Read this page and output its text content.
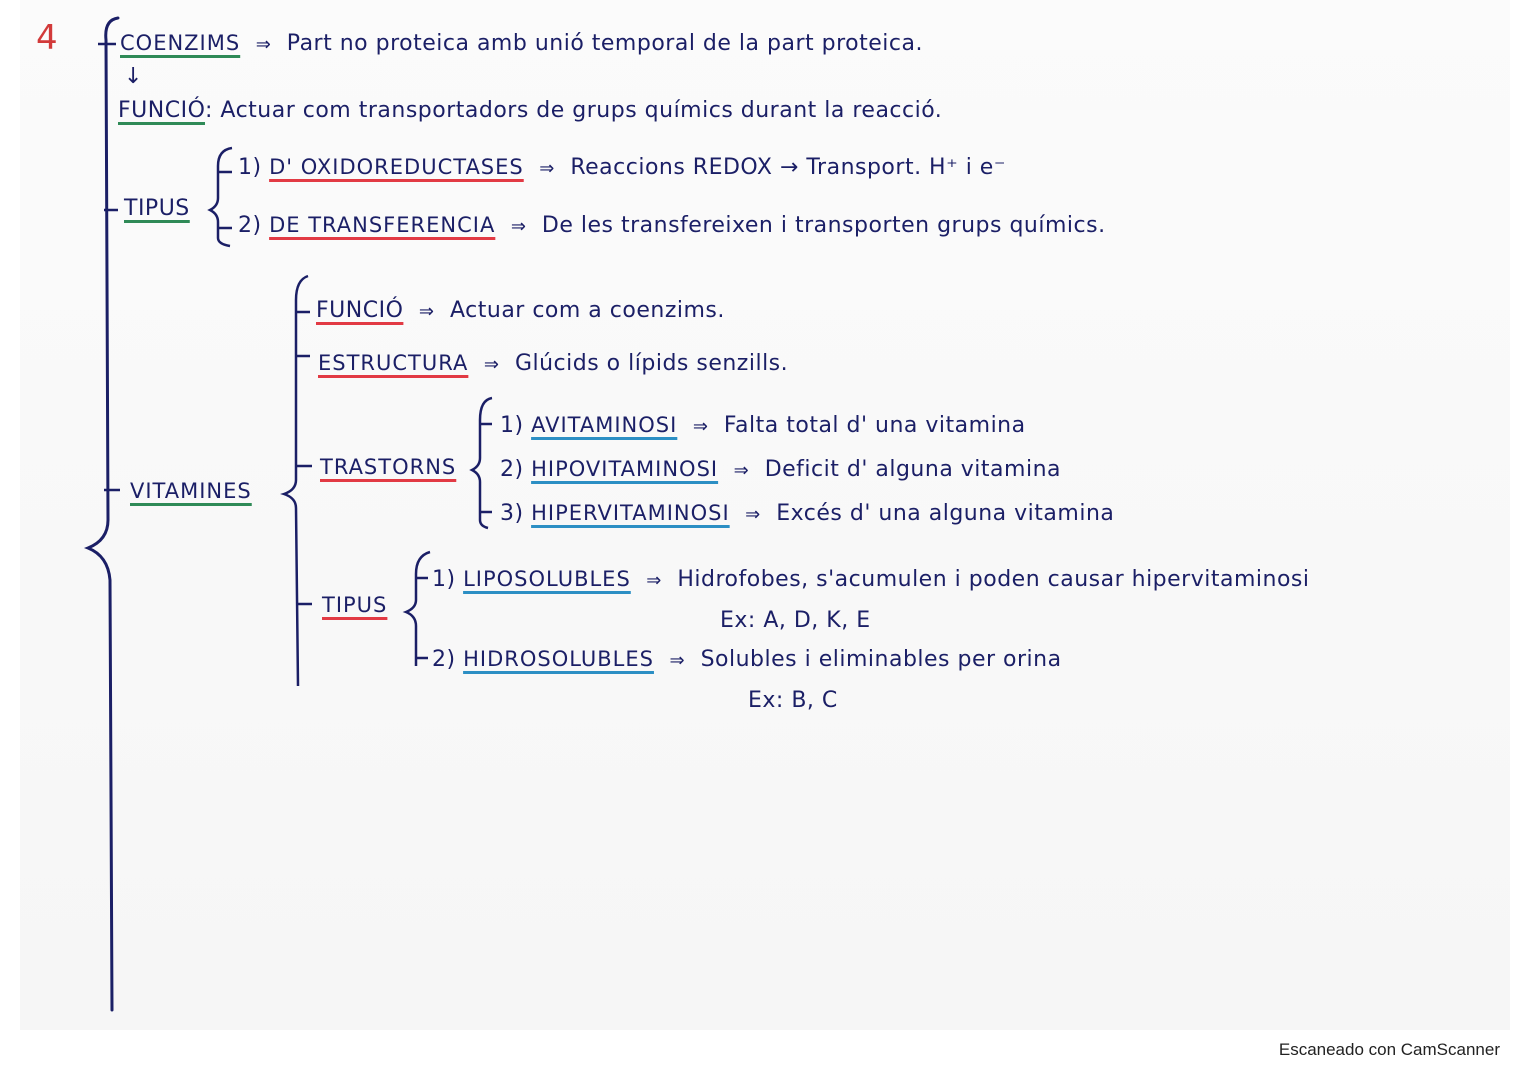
4	COENZIMS ⇒ Part no proteica amb unió temporal de la part proteica.
↓
FUNCIÓ: Actuar com transportadors de grups químics durant la reacció.
TIPUS
1) D' OXIDOREDUCTASES ⇒ Reaccions REDOX → Transport. H⁺ i e⁻
2) DE TRANSFERENCIA ⇒ De les transfereixen i transporten grups químics.
VITAMINES
FUNCIÓ ⇒ Actuar com a coenzims.
ESTRUCTURA ⇒ Glúcids o lípids senzills.
TRASTORNS
1) AVITAMINOSI ⇒ Falta total d' una vitamina
2) HIPOVITAMINOSI ⇒ Deficit d' alguna vitamina
3) HIPERVITAMINOSI ⇒ Excés d' una alguna vitamina
TIPUS
1) LIPOSOLUBLES ⇒ Hidrofobes, s'acumulen i poden causar hipervitaminosi
Ex: A, D, K, E
2) HIDROSOLUBLES ⇒ Solubles i eliminables per orina
Ex: B, C
Escaneado con CamScanner
